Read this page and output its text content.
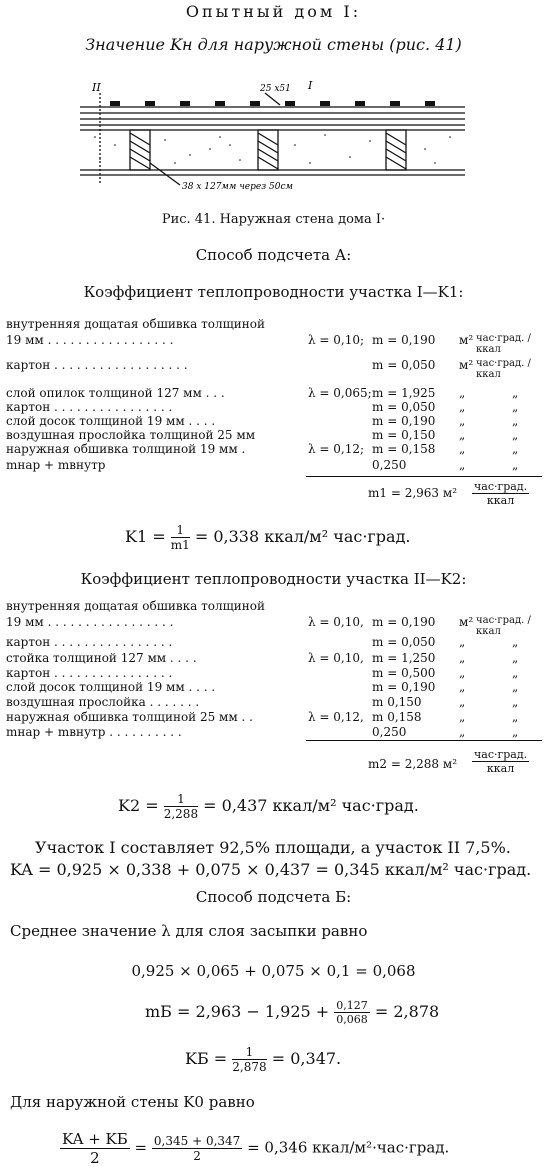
Опытный дом I:
Значение Kн для наружной стены (рис. 41)
II	I
25 x51
38 x 127мм через 50см
Рис. 41. Наружная стена дома I·
Способ подсчета А:
Коэффициент теплопроводности участка I—K1:
внутренняя дощатая обшивка толщиной
19 мм . . . . . . . . . . . . . . . . .	λ = 0,10; m = 0,190 м² час·град. / ккал
картон . . . . . . . . . . . . . . . . . .	m = 0,050 м² час·град. / ккал
слой опилок толщиной 127 мм . . .	λ = 0,065; m = 1,925 „	„
картон . . . . . . . . . . . . . . . .	m = 0,050 „	„
слой досок толщиной 19 мм . . . .	m = 0,190 „	„
воздушная прослойка толщиной 25 мм	m = 0,150 „	„
наружная обшивка толщиной 19 мм .	λ = 0,12; m = 0,158 „	„
mнар + mвнутр	0,250	„	„
m1 = 2,963 $м^2 \frac{\text{час·град.}}{\text{ккал}}$
$K1 = \frac{1}{m1} = 0,338$ ккал/м² час·град.
Коэффициент теплопроводности участка II—K2:
внутренняя дощатая обшивка толщиной
19 мм . . . . . . . . . . . . . . . . .	λ = 0,10, m = 0,190 м² час·град. / ккал
картон . . . . . . . . . . . . . . . .	m = 0,050 „	„
стойка толщиной 127 мм . . . .	λ = 0,10, m = 1,250 „	„
картон . . . . . . . . . . . . . . . .	m = 0,500 „	„
слой досок толщиной 19 мм . . . .	m = 0,190 „	„
воздушная прослойка . . . . . . .	m 0,150	„	„
наружная обшивка толщиной 25 мм . .	λ = 0,12, m 0,158	„	„
mнар + mвнутр . . . . . . . . . .	0,250	„	„
m2 = 2,288 $м^2 \frac{\text{час·град.}}{\text{ккал}}$
$K2 = \frac{1}{2,288} = 0,437$ ккал/м² час·град.
Участок I составляет 92,5% площади, а участок II 7,5%.
KA = 0,925 × 0,338 + 0,075 × 0,437 = 0,345 ккал/м² час·град.
Способ подсчета Б:
Среднее значение λ для слоя засыпки равно
0,925 × 0,065 + 0,075 × 0,1 = 0,068
mБ = $2,963 - 1,925 + \frac{0,127}{0,068} = 2,878$
KБ = $\frac{1}{2,878} = 0,347$.
Для наружной стены K0 равно
$\frac{KA + KБ}{2} = \frac{0,345 + 0,347}{2} = 0,346$ ккал/м²·час·град.
